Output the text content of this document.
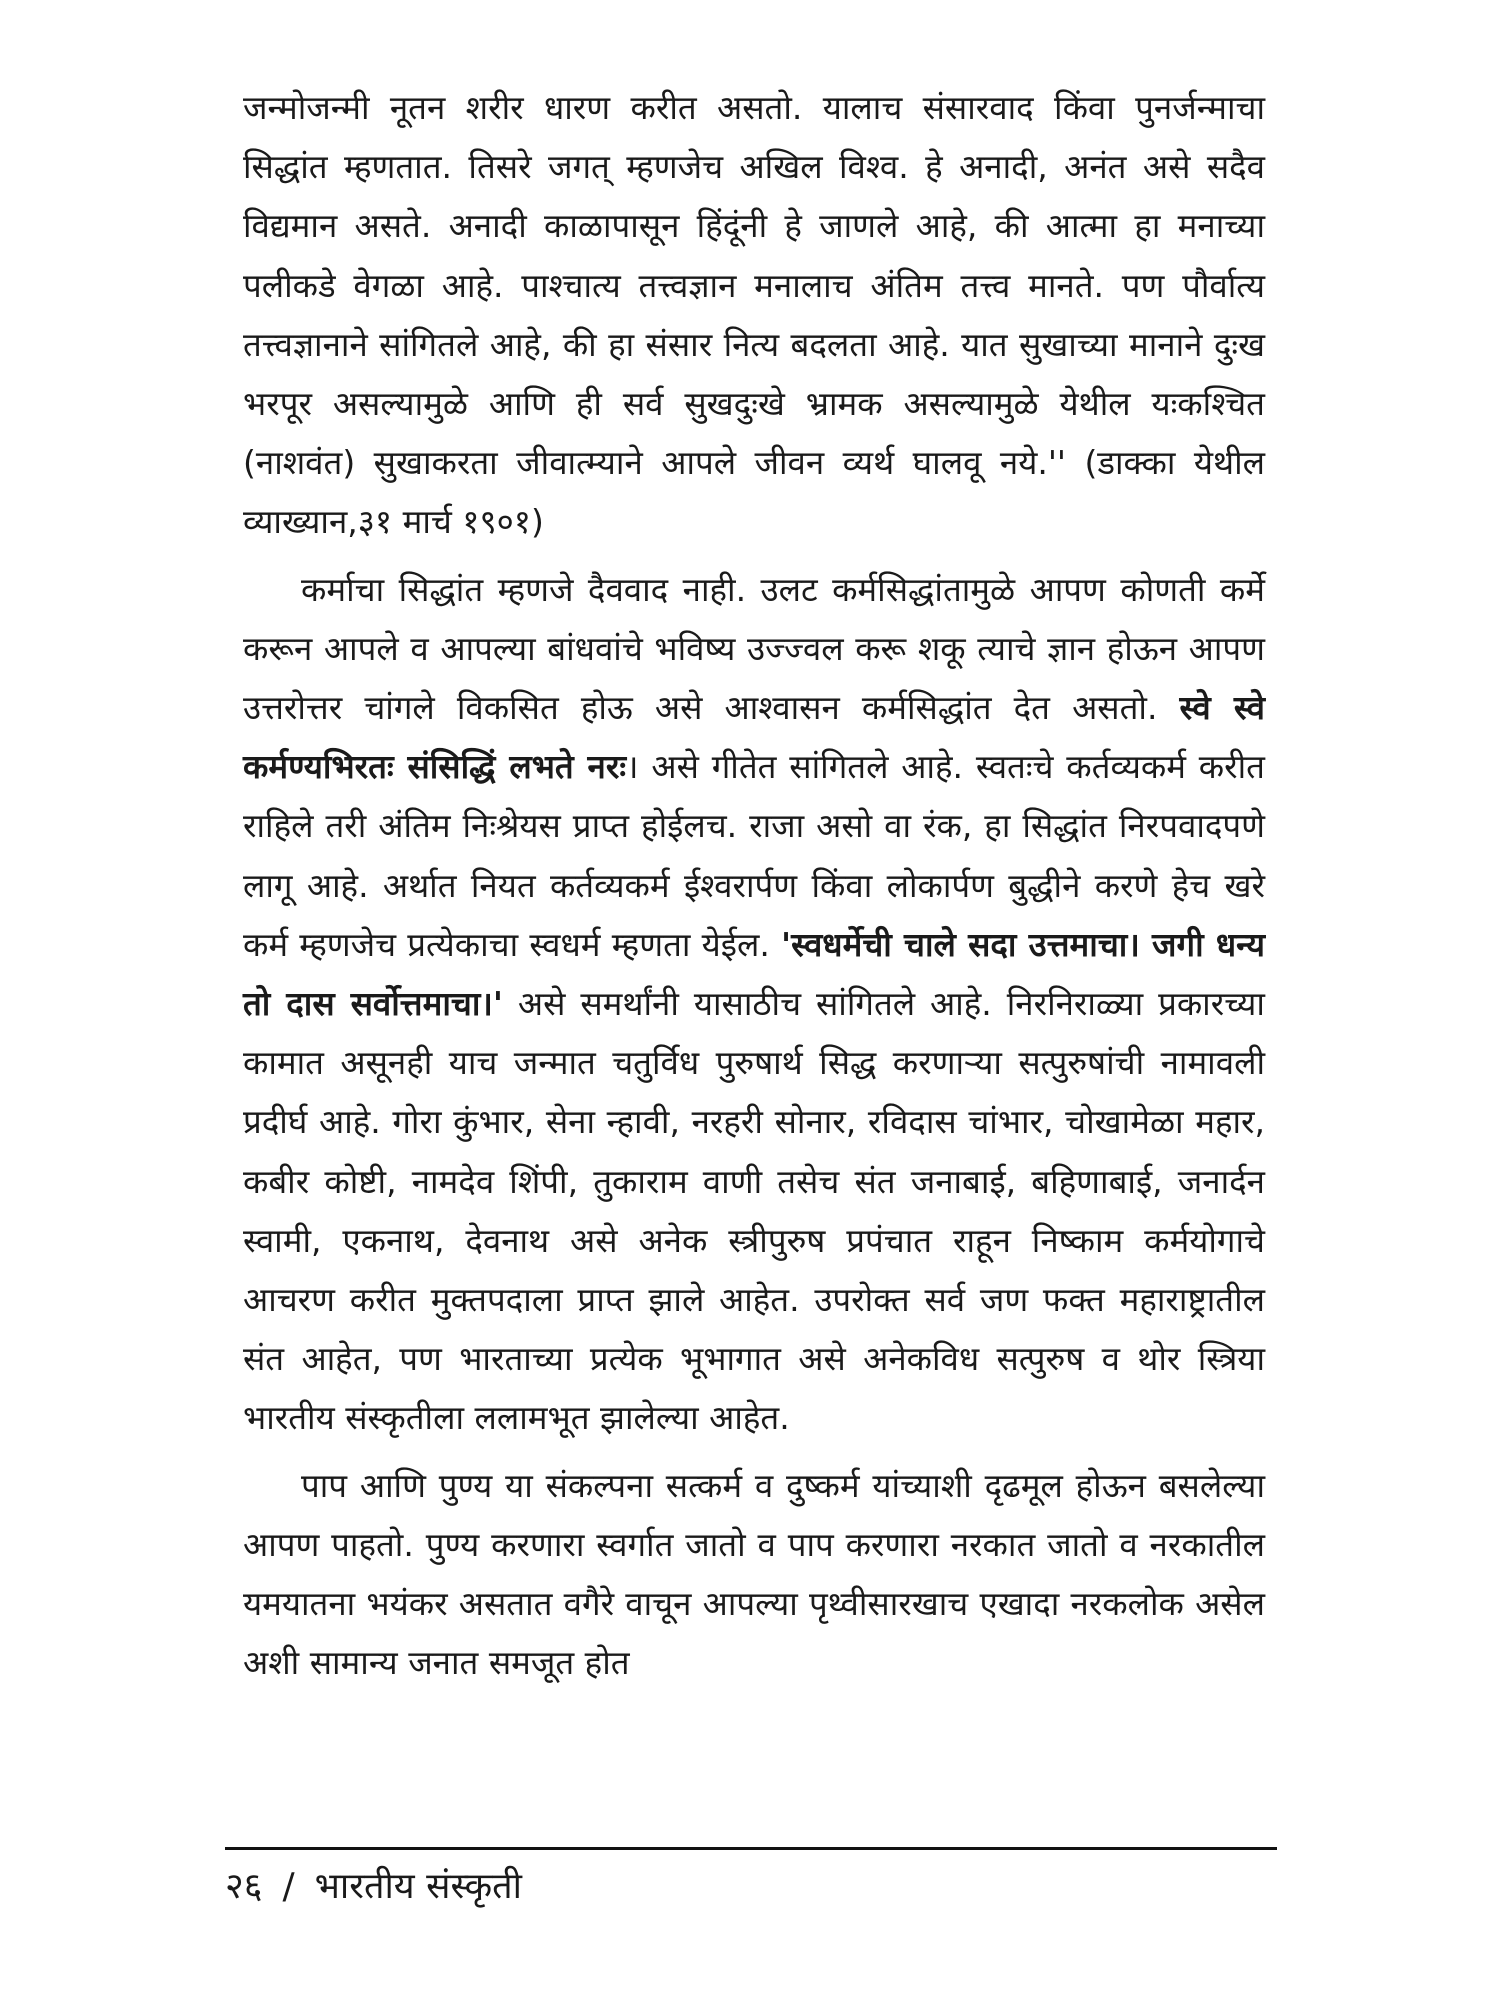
जन्मोजन्मी नूतन शरीर धारण करीत असतो. यालाच संसारवाद किंवा पुनर्जन्माचा सिद्धांत म्हणतात. तिसरे जगत् म्हणजेच अखिल विश्व. हे अनादी, अनंत असे सदैव विद्यमान असते. अनादी काळापासून हिंदूंनी हे जाणले आहे, की आत्मा हा मनाच्या पलीकडे वेगळा आहे. पाश्चात्य तत्त्वज्ञान मनालाच अंतिम तत्त्व मानते. पण पौर्वात्य तत्त्वज्ञानाने सांगितले आहे, की हा संसार नित्य बदलता आहे. यात सुखाच्या मानाने दुःख भरपूर असल्यामुळे आणि ही सर्व सुखदुःखे भ्रामक असल्यामुळे येथील यःकश्चित (नाशवंत) सुखाकरता जीवात्म्याने आपले जीवन व्यर्थ घालवू नये.'' (डाक्का येथील व्याख्यान,३१ मार्च १९०१)

कर्माचा सिद्धांत म्हणजे दैववाद नाही. उलट कर्मसिद्धांतामुळे आपण कोणती कर्मे करून आपले व आपल्या बांधवांचे भविष्य उज्ज्वल करू शकू त्याचे ज्ञान होऊन आपण उत्तरोत्तर चांगले विकसित होऊ असे आश्वासन कर्मसिद्धांत देत असतो. स्वे स्वे कर्मण्यभिरतः संसिद्धिं लभते नरः। असे गीतेत सांगितले आहे. स्वतःचे कर्तव्यकर्म करीत राहिले तरी अंतिम निःश्रेयस प्राप्त होईलच. राजा असो वा रंक, हा सिद्धांत निरपवादपणे लागू आहे. अर्थात नियत कर्तव्यकर्म ईश्वरार्पण किंवा लोकार्पण बुद्धीने करणे हेच खरे कर्म म्हणजेच प्रत्येकाचा स्वधर्म म्हणता येईल. 'स्वधर्मेची चाले सदा उत्तमाचा। जगी धन्य तो दास सर्वोत्तमाचा।' असे समर्थांनी यासाठीच सांगितले आहे. निरनिराळ्या प्रकारच्या कामात असूनही याच जन्मात चतुर्विध पुरुषार्थ सिद्ध करणाऱ्या सत्पुरुषांची नामावली प्रदीर्घ आहे. गोरा कुंभार, सेना न्हावी, नरहरी सोनार, रविदास चांभार, चोखामेळा महार, कबीर कोष्टी, नामदेव शिंपी, तुकाराम वाणी तसेच संत जनाबाई, बहिणाबाई, जनार्दन स्वामी, एकनाथ, देवनाथ असे अनेक स्त्रीपुरुष प्रपंचात राहून निष्काम कर्मयोगाचे आचरण करीत मुक्तपदाला प्राप्त झाले आहेत. उपरोक्त सर्व जण फक्त महाराष्ट्रातील संत आहेत, पण भारताच्या प्रत्येक भूभागात असे अनेकविध सत्पुरुष व थोर स्त्रिया भारतीय संस्कृतीला ललामभूत झालेल्या आहेत.

पाप आणि पुण्य या संकल्पना सत्कर्म व दुष्कर्म यांच्याशी दृढमूल होऊन बसलेल्या आपण पाहतो. पुण्य करणारा स्वर्गात जातो व पाप करणारा नरकात जातो व नरकातील यमयातना भयंकर असतात वगैरे वाचून आपल्या पृथ्वीसारखाच एखादा नरकलोक असेल अशी सामान्य जनात समजूत होत

२६ / भारतीय संस्कृती
